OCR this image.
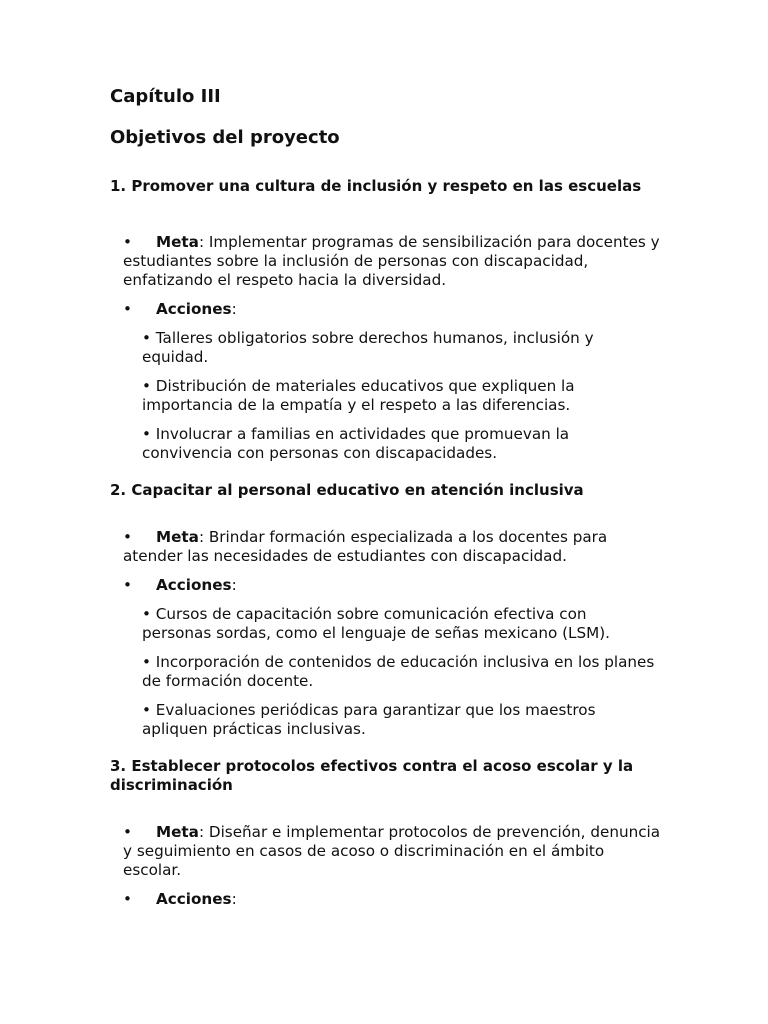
Capítulo III
Objetivos del proyecto
1. Promover una cultura de inclusión y respeto en las escuelas
• Meta: Implementar programas de sensibilización para docentes y estudiantes sobre la inclusión de personas con discapacidad, enfatizando el respeto hacia la diversidad.
• Acciones:
• Talleres obligatorios sobre derechos humanos, inclusión y equidad.
• Distribución de materiales educativos que expliquen la importancia de la empatía y el respeto a las diferencias.
• Involucrar a familias en actividades que promuevan la convivencia con personas con discapacidades.
2. Capacitar al personal educativo en atención inclusiva
• Meta: Brindar formación especializada a los docentes para atender las necesidades de estudiantes con discapacidad.
• Acciones:
• Cursos de capacitación sobre comunicación efectiva con personas sordas, como el lenguaje de señas mexicano (LSM).
• Incorporación de contenidos de educación inclusiva en los planes de formación docente.
• Evaluaciones periódicas para garantizar que los maestros apliquen prácticas inclusivas.
3. Establecer protocolos efectivos contra el acoso escolar y la discriminación
• Meta: Diseñar e implementar protocolos de prevención, denuncia y seguimiento en casos de acoso o discriminación en el ámbito escolar.
• Acciones:
